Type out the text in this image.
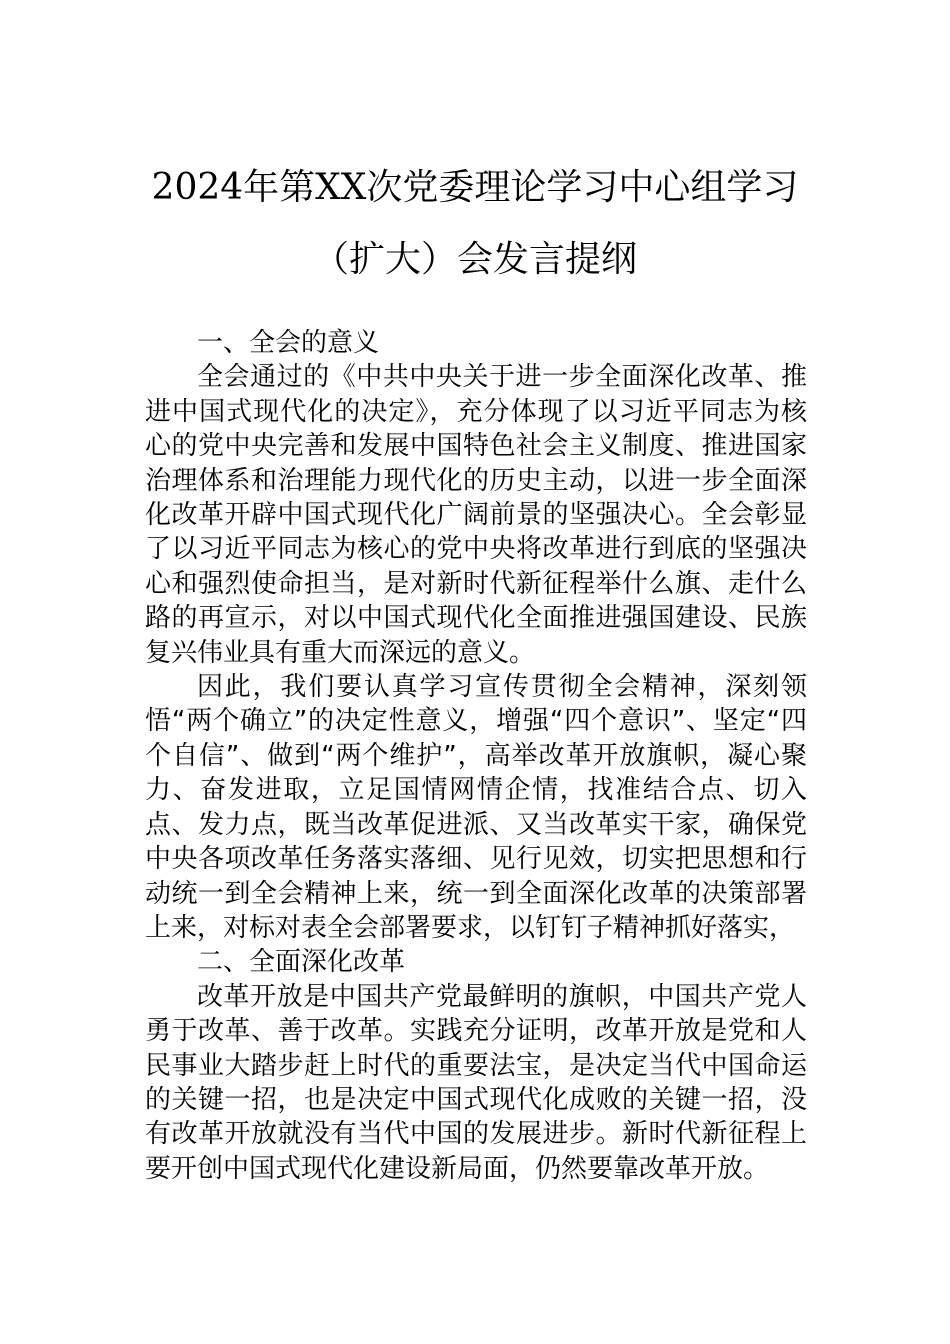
2024年第XX次党委理论学习中心组学习
（扩大）会发言提纲

一、全会的意义

全会通过的《中共中央关于进一步全面深化改革、推进中国式现代化的决定》，充分体现了以习近平同志为核心的党中央完善和发展中国特色社会主义制度、推进国家治理体系和治理能力现代化的历史主动，以进一步全面深化改革开辟中国式现代化广阔前景的坚强决心。全会彰显了以习近平同志为核心的党中央将改革进行到底的坚强决心和强烈使命担当，是对新时代新征程举什么旗、走什么路的再宣示，对以中国式现代化全面推进强国建设、民族复兴伟业具有重大而深远的意义。

因此，我们要认真学习宣传贯彻全会精神，深刻领悟“两个确立”的决定性意义，增强“四个意识”、坚定“四个自信”、做到“两个维护”，高举改革开放旗帜，凝心聚力、奋发进取，立足国情网情企情，找准结合点、切入点、发力点，既当改革促进派、又当改革实干家，确保党中央各项改革任务落实落细、见行见效，切实把思想和行动统一到全会精神上来，统一到全面深化改革的决策部署上来，对标对表全会部署要求，以钉钉子精神抓好落实，

二、全面深化改革

改革开放是中国共产党最鲜明的旗帜，中国共产党人勇于改革、善于改革。实践充分证明，改革开放是党和人民事业大踏步赶上时代的重要法宝，是决定当代中国命运的关键一招，也是决定中国式现代化成败的关键一招，没有改革开放就没有当代中国的发展进步。新时代新征程上要开创中国式现代化建设新局面，仍然要靠改革开放。
